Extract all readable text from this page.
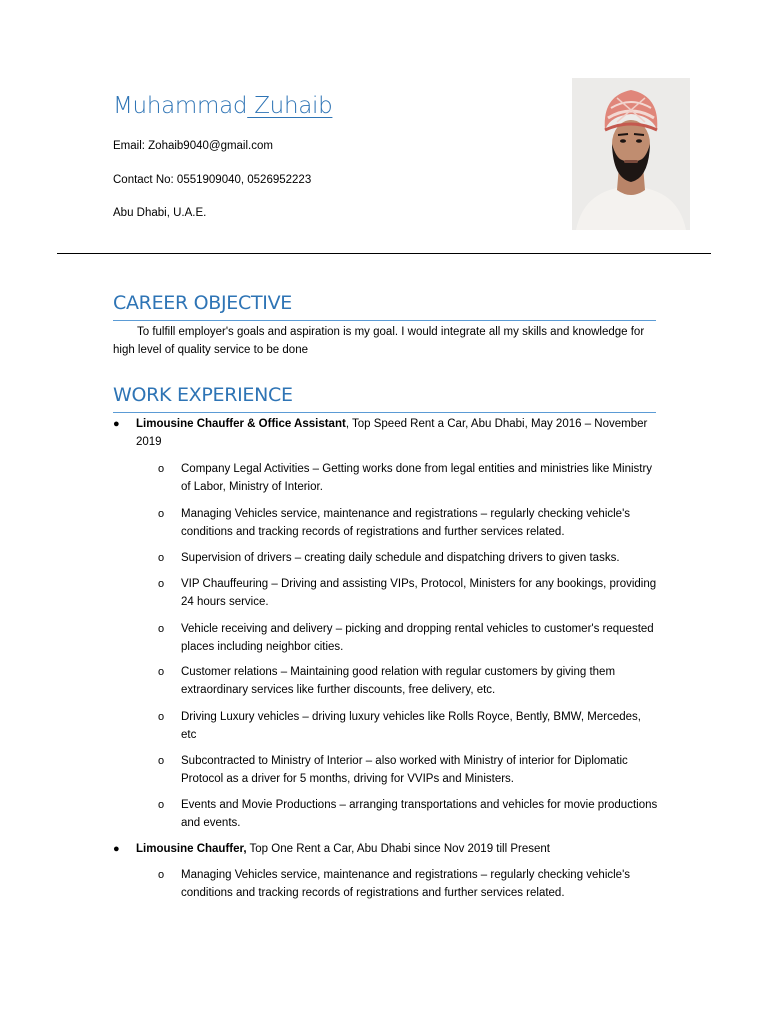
Muhammad Zuhaib

Email: Zohaib9040@gmail.com

Contact No: 0551909040, 0526952223

Abu Dhabi, U.A.E.

CAREER OBJECTIVE

To fulfill employer's goals and aspiration is my goal. I would integrate all my skills and knowledge for high level of quality service to be done

WORK EXPERIENCE
● Limousine Chauffer & Office Assistant, Top Speed Rent a Car, Abu Dhabi, May 2016 – November 2019
o Company Legal Activities – Getting works done from legal entities and ministries like Ministry of Labor, Ministry of Interior.
o Managing Vehicles service, maintenance and registrations – regularly checking vehicle's conditions and tracking records of registrations and further services related.
o Supervision of drivers – creating daily schedule and dispatching drivers to given tasks.
o VIP Chauffeuring – Driving and assisting VIPs, Protocol, Ministers for any bookings, providing 24 hours service.
o Vehicle receiving and delivery – picking and dropping rental vehicles to customer's requested places including neighbor cities.
o Customer relations – Maintaining good relation with regular customers by giving them extraordinary services like further discounts, free delivery, etc.
o Driving Luxury vehicles – driving luxury vehicles like Rolls Royce, Bently, BMW, Mercedes, etc
o Subcontracted to Ministry of Interior – also worked with Ministry of interior for Diplomatic Protocol as a driver for 5 months, driving for VVIPs and Ministers.
o Events and Movie Productions – arranging transportations and vehicles for movie productions and events.
● Limousine Chauffer, Top One Rent a Car, Abu Dhabi since Nov 2019 till Present
o Managing Vehicles service, maintenance and registrations – regularly checking vehicle's conditions and tracking records of registrations and further services related.
